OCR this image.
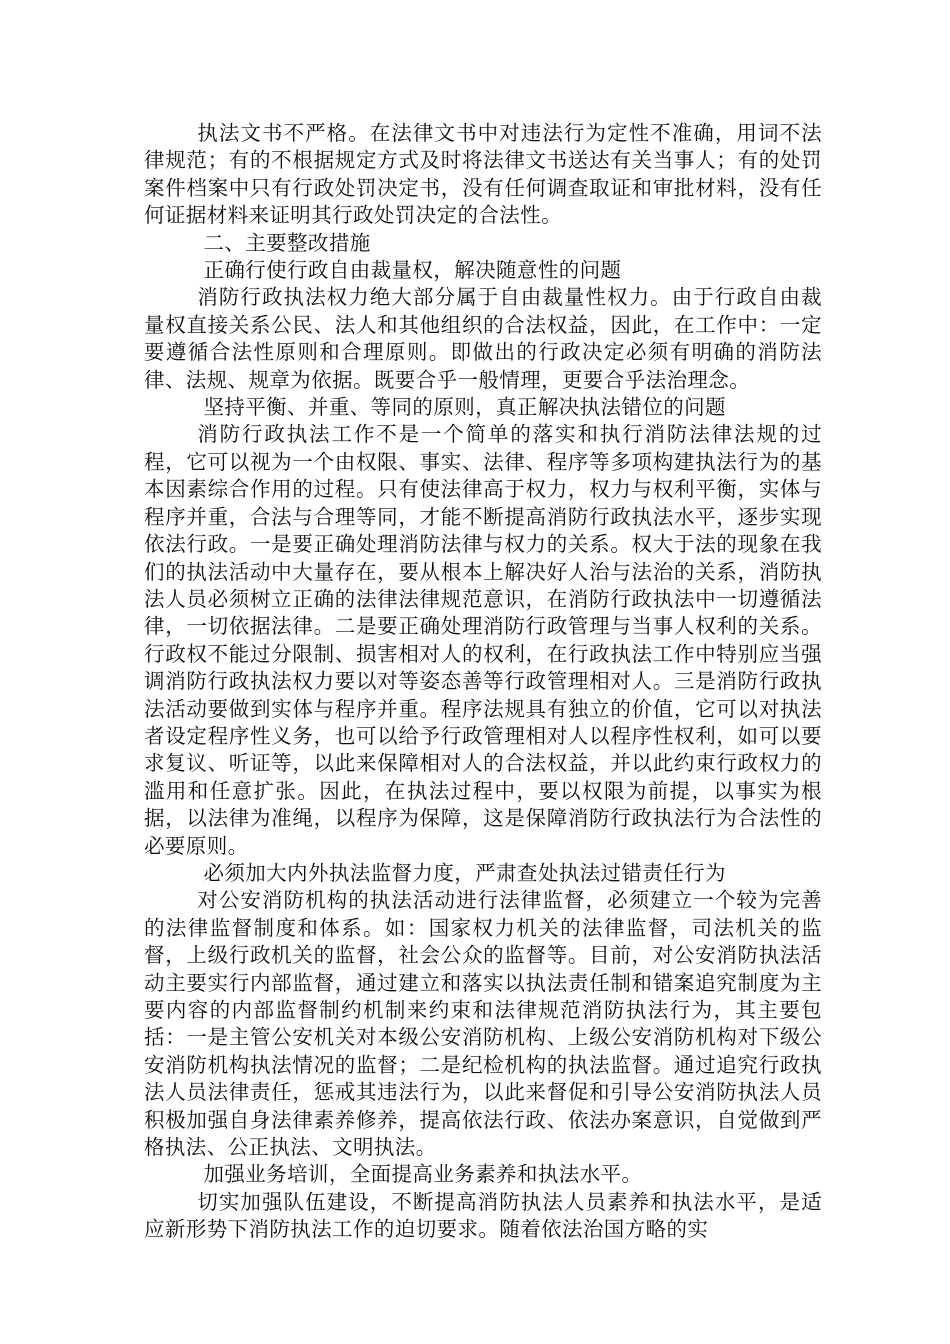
执法文书不严格。在法律文书中对违法行为定性不准确，用词不法律规范；有的不根据规定方式及时将法律文书送达有关当事人；有的处罚案件档案中只有行政处罚决定书，没有任何调查取证和审批材料，没有任何证据材料来证明其行政处罚决定的合法性。

二、主要整改措施

正确行使行政自由裁量权，解决随意性的问题

消防行政执法权力绝大部分属于自由裁量性权力。由于行政自由裁量权直接关系公民、法人和其他组织的合法权益，因此，在工作中：一定要遵循合法性原则和合理原则。即做出的行政决定必须有明确的消防法律、法规、规章为依据。既要合乎一般情理，更要合乎法治理念。

坚持平衡、并重、等同的原则，真正解决执法错位的问题

消防行政执法工作不是一个简单的落实和执行消防法律法规的过程，它可以视为一个由权限、事实、法律、程序等多项构建执法行为的基本因素综合作用的过程。只有使法律高于权力，权力与权利平衡，实体与程序并重，合法与合理等同，才能不断提高消防行政执法水平，逐步实现依法行政。一是要正确处理消防法律与权力的关系。权大于法的现象在我们的执法活动中大量存在，要从根本上解决好人治与法治的关系，消防执法人员必须树立正确的法律法律规范意识，在消防行政执法中一切遵循法律，一切依据法律。二是要正确处理消防行政管理与当事人权利的关系。行政权不能过分限制、损害相对人的权利，在行政执法工作中特别应当强调消防行政执法权力要以对等姿态善等行政管理相对人。三是消防行政执法活动要做到实体与程序并重。程序法规具有独立的价值，它可以对执法者设定程序性义务，也可以给予行政管理相对人以程序性权利，如可以要求复议、听证等，以此来保障相对人的合法权益，并以此约束行政权力的滥用和任意扩张。因此，在执法过程中，要以权限为前提，以事实为根据，以法律为准绳，以程序为保障，这是保障消防行政执法行为合法性的必要原则。

必须加大内外执法监督力度，严肃查处执法过错责任行为

对公安消防机构的执法活动进行法律监督，必须建立一个较为完善的法律监督制度和体系。如：国家权力机关的法律监督，司法机关的监督，上级行政机关的监督，社会公众的监督等。目前，对公安消防执法活动主要实行内部监督，通过建立和落实以执法责任制和错案追究制度为主要内容的内部监督制约机制来约束和法律规范消防执法行为，其主要包括：一是主管公安机关对本级公安消防机构、上级公安消防机构对下级公安消防机构执法情况的监督；二是纪检机构的执法监督。通过追究行政执法人员法律责任，惩戒其违法行为，以此来督促和引导公安消防执法人员积极加强自身法律素养修养，提高依法行政、依法办案意识，自觉做到严格执法、公正执法、文明执法。

加强业务培训，全面提高业务素养和执法水平。

切实加强队伍建设，不断提高消防执法人员素养和执法水平，是适应新形势下消防执法工作的迫切要求。随着依法治国方略的实
